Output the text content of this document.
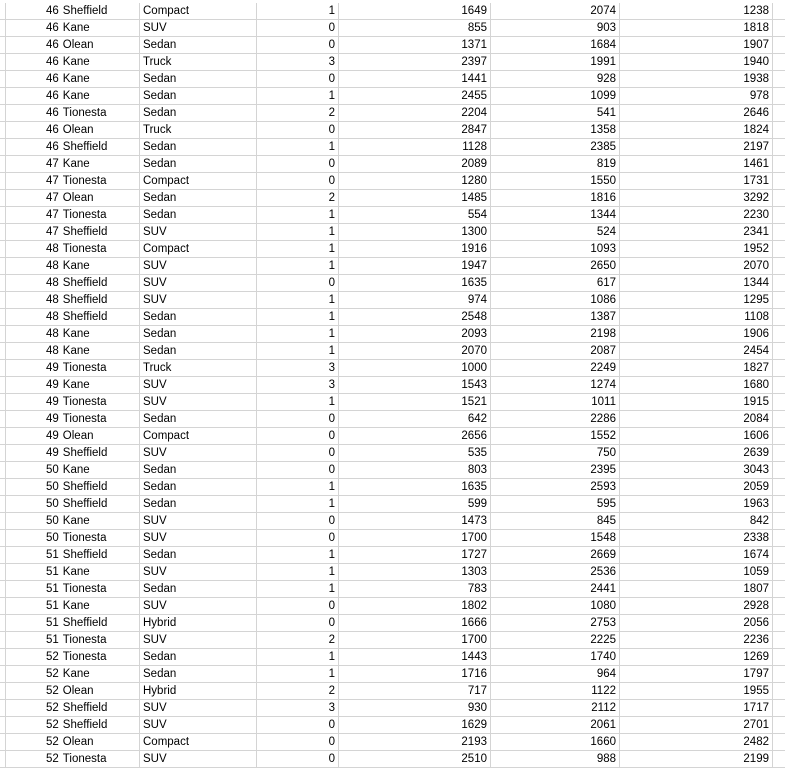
46 Sheffield	Compact	1	1649	2074	1238
46 Kane	SUV	0	855	903	1818
46 Olean	Sedan	0	1371	1684	1907
46 Kane	Truck	3	2397	1991	1940
46 Kane	Sedan	0	1441	928	1938
46 Kane	Sedan	1	2455	1099	978
46 Tionesta	Sedan	2	2204	541	2646
46 Olean	Truck	0	2847	1358	1824
46 Sheffield	Sedan	1	1128	2385	2197
47 Kane	Sedan	0	2089	819	1461
47 Tionesta	Compact	0	1280	1550	1731
47 Olean	Sedan	2	1485	1816	3292
47 Tionesta	Sedan	1	554	1344	2230
47 Sheffield	SUV	1	1300	524	2341
48 Tionesta	Compact	1	1916	1093	1952
48 Kane	SUV	1	1947	2650	2070
48 Sheffield	SUV	0	1635	617	1344
48 Sheffield	SUV	1	974	1086	1295
48 Sheffield	Sedan	1	2548	1387	1108
48 Kane	Sedan	1	2093	2198	1906
48 Kane	Sedan	1	2070	2087	2454
49 Tionesta	Truck	3	1000	2249	1827
49 Kane	SUV	3	1543	1274	1680
49 Tionesta	SUV	1	1521	1011	1915
49 Tionesta	Sedan	0	642	2286	2084
49 Olean	Compact	0	2656	1552	1606
49 Sheffield	SUV	0	535	750	2639
50 Kane	Sedan	0	803	2395	3043
50 Sheffield	Sedan	1	1635	2593	2059
50 Sheffield	Sedan	1	599	595	1963
50 Kane	SUV	0	1473	845	842
50 Tionesta	SUV	0	1700	1548	2338
51 Sheffield	Sedan	1	1727	2669	1674
51 Kane	SUV	1	1303	2536	1059
51 Tionesta	Sedan	1	783	2441	1807
51 Kane	SUV	0	1802	1080	2928
51 Sheffield	Hybrid	0	1666	2753	2056
51 Tionesta	SUV	2	1700	2225	2236
52 Tionesta	Sedan	1	1443	1740	1269
52 Kane	Sedan	1	1716	964	1797
52 Olean	Hybrid	2	717	1122	1955
52 Sheffield	SUV	3	930	2112	1717
52 Sheffield	SUV	0	1629	2061	2701
52 Olean	Compact	0	2193	1660	2482
52 Tionesta	SUV	0	2510	988	2199
